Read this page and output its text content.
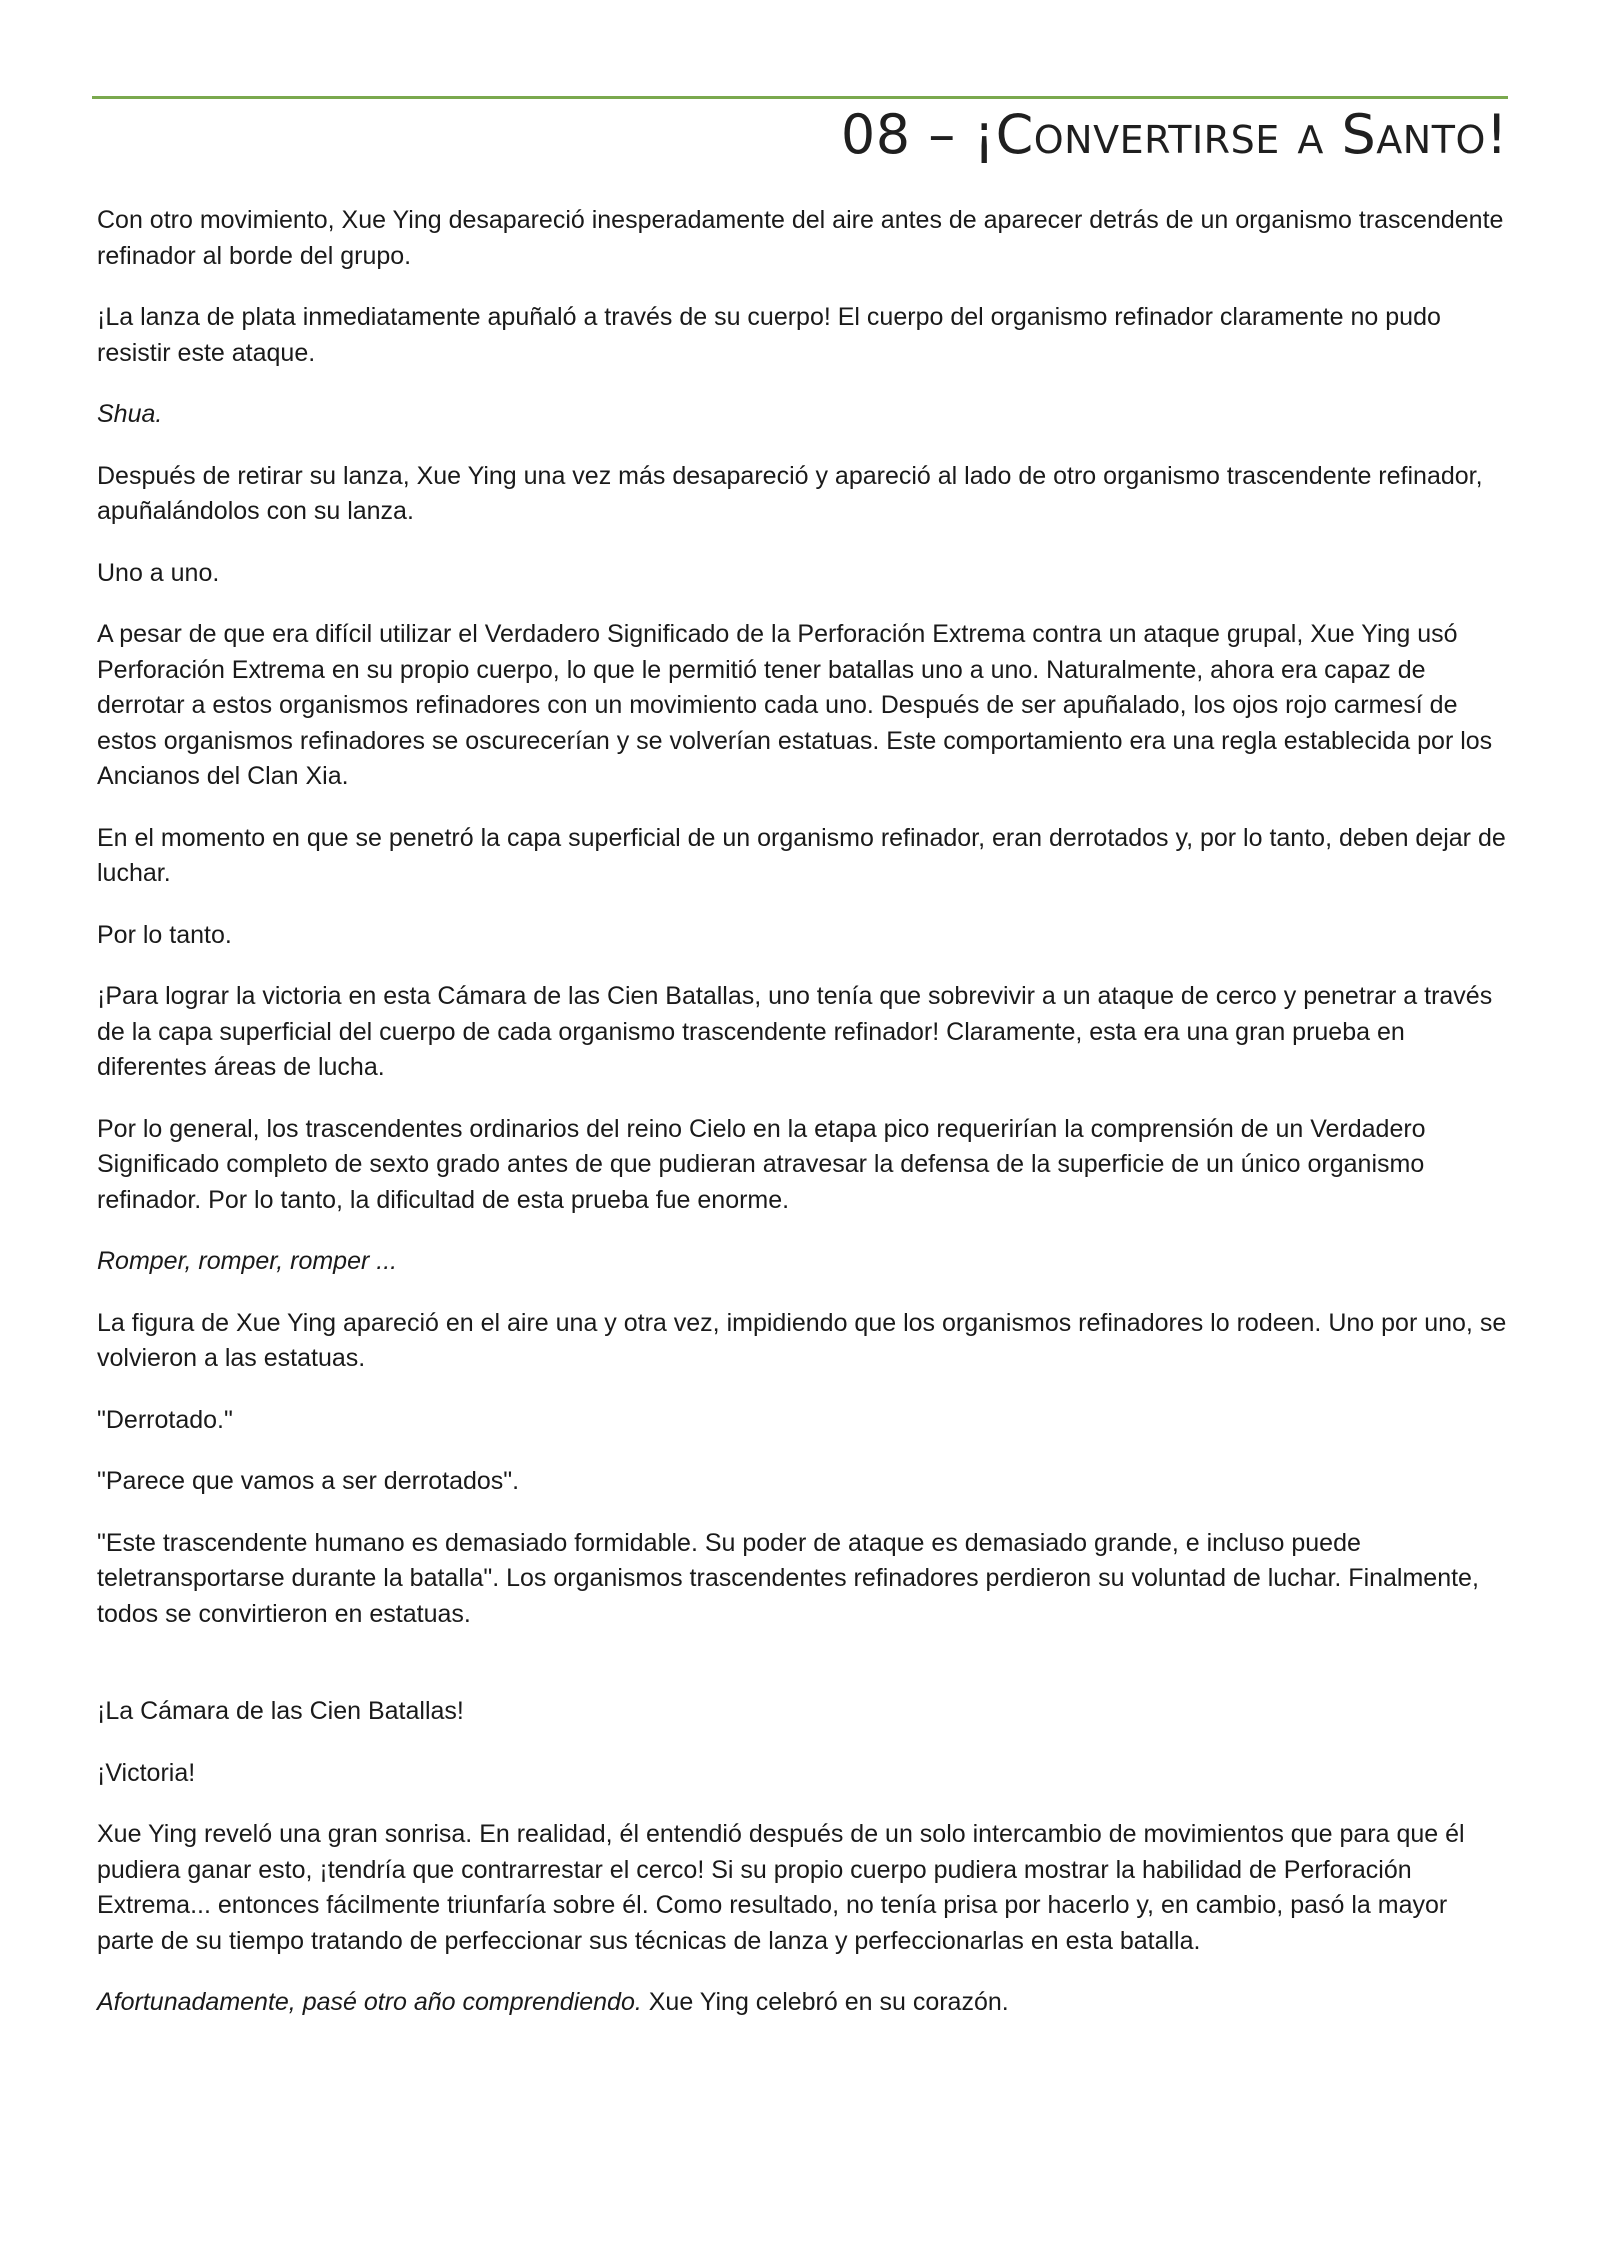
08 – ¡Convertirse a Santo!

Con otro movimiento, Xue Ying desapareció inesperadamente del aire antes de aparecer detrás de un organismo trascendente refinador al borde del grupo.

¡La lanza de plata inmediatamente apuñaló a través de su cuerpo! El cuerpo del organismo refinador claramente no pudo resistir este ataque.

Shua.

Después de retirar su lanza, Xue Ying una vez más desapareció y apareció al lado de otro organismo trascendente refinador, apuñalándolos con su lanza.

Uno a uno.

A pesar de que era difícil utilizar el Verdadero Significado de la Perforación Extrema contra un ataque grupal, Xue Ying usó Perforación Extrema en su propio cuerpo, lo que le permitió tener batallas uno a uno. Naturalmente, ahora era capaz de derrotar a estos organismos refinadores con un movimiento cada uno. Después de ser apuñalado, los ojos rojo carmesí de estos organismos refinadores se oscurecerían y se volverían estatuas. Este comportamiento era una regla establecida por los Ancianos del Clan Xia.

En el momento en que se penetró la capa superficial de un organismo refinador, eran derrotados y, por lo tanto, deben dejar de luchar.

Por lo tanto.

¡Para lograr la victoria en esta Cámara de las Cien Batallas, uno tenía que sobrevivir a un ataque de cerco y penetrar a través de la capa superficial del cuerpo de cada organismo trascendente refinador! Claramente, esta era una gran prueba en diferentes áreas de lucha.

Por lo general, los trascendentes ordinarios del reino Cielo en la etapa pico requerirían la comprensión de un Verdadero Significado completo de sexto grado antes de que pudieran atravesar la defensa de la superficie de un único organismo refinador. Por lo tanto, la dificultad de esta prueba fue enorme.

Romper, romper, romper ...

La figura de Xue Ying apareció en el aire una y otra vez, impidiendo que los organismos refinadores lo rodeen. Uno por uno, se volvieron a las estatuas.

"Derrotado."

"Parece que vamos a ser derrotados".

"Este trascendente humano es demasiado formidable. Su poder de ataque es demasiado grande, e incluso puede teletransportarse durante la batalla". Los organismos trascendentes refinadores perdieron su voluntad de luchar. Finalmente, todos se convirtieron en estatuas.

¡La Cámara de las Cien Batallas!

¡Victoria!

Xue Ying reveló una gran sonrisa. En realidad, él entendió después de un solo intercambio de movimientos que para que él pudiera ganar esto, ¡tendría que contrarrestar el cerco! Si su propio cuerpo pudiera mostrar la habilidad de Perforación Extrema... entonces fácilmente triunfaría sobre él. Como resultado, no tenía prisa por hacerlo y, en cambio, pasó la mayor parte de su tiempo tratando de perfeccionar sus técnicas de lanza y perfeccionarlas en esta batalla.

Afortunadamente, pasé otro año comprendiendo. Xue Ying celebró en su corazón.
